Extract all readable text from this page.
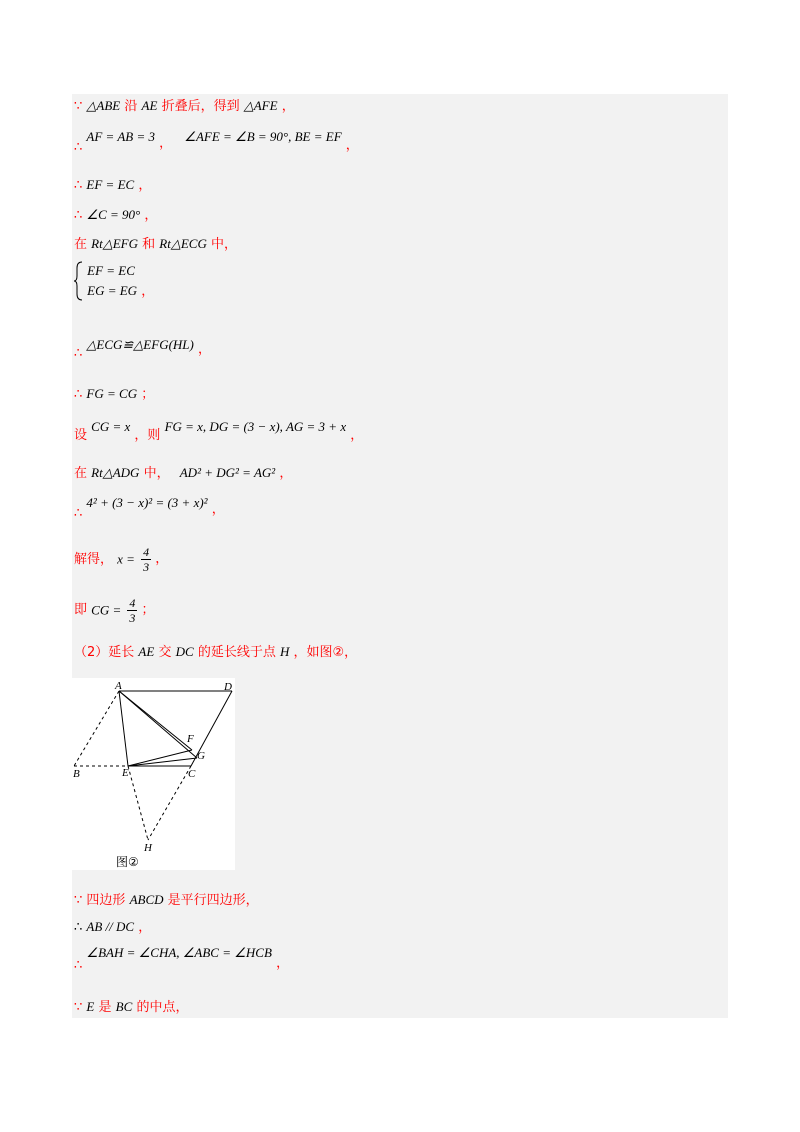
∵ △ABE 沿 AE 折叠后，得到 △AFE ，
∴ AF = AB = 3 ， ∠AFE = ∠B = 90°, BE = EF ，
∴ EF = EC ，
∴ ∠C = 90° ，
在 Rt△EFG 和 Rt△ECG 中，

EF = EC
EG = EG ，
∴ △ECG≌△EFG(HL) ，
∴ FG = CG ；
设 CG = x ，则 FG = x, DG = (3 − x), AG = 3 + x ，
在 Rt△ADG 中， AD² + DG² = AG² ，
∴ 4² + (3 − x)² = (3 + x)² ，
解得， $x = \frac{4}{3}$ ，
即 CG = $\frac{4}{3}$ ；
（2）延长 AE 交 DC 的延长线于点 H ，如图②，
A	D
F
G
B	E	C
H
图②
∵ 四边形 ABCD 是平行四边形，
∴ AB // DC ，
∴ ∠BAH = ∠CHA, ∠ABC = ∠HCB ，
∵ E 是 BC 的中点，
